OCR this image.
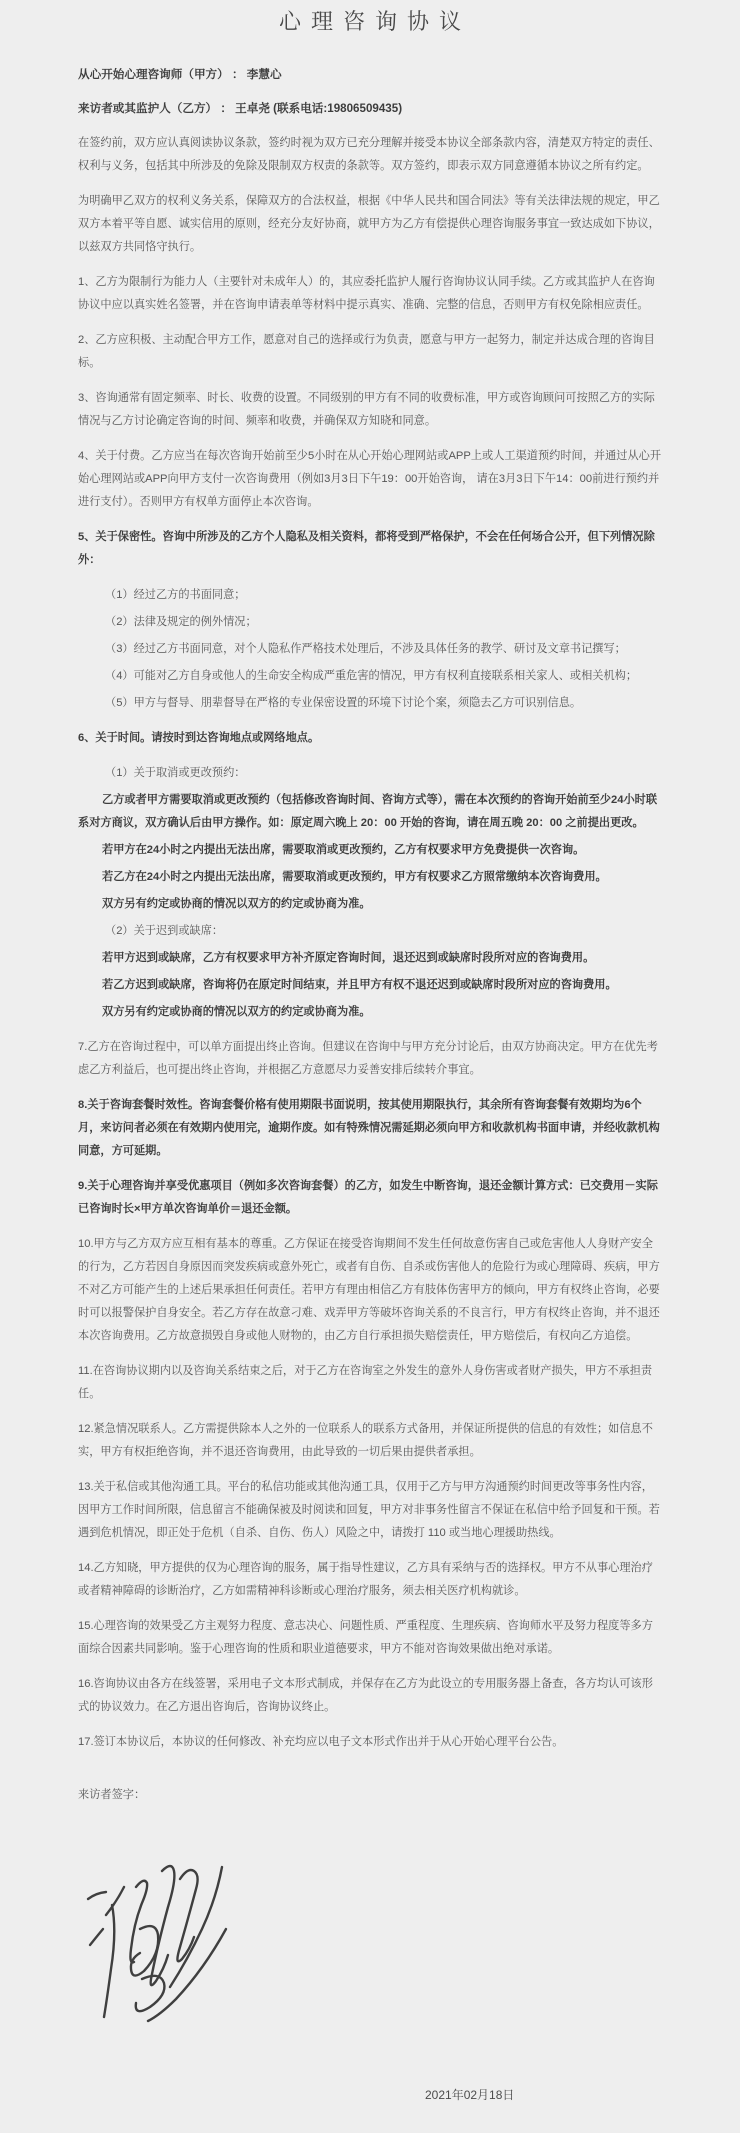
心理咨询协议

从心开始心理咨询师（甲方） ： 李慧心

来访者或其监护人（乙方） ： 王卓尧 (联系电话:19806509435)

在签约前，双方应认真阅读协议条款，签约时视为双方已充分理解并接受本协议全部条款内容，清楚双方特定的责任、权利与义务，包括其中所涉及的免除及限制双方权责的条款等。双方签约，即表示双方同意遵循本协议之所有约定。

为明确甲乙双方的权利义务关系，保障双方的合法权益，根据《中华人民共和国合同法》等有关法律法规的规定，甲乙双方本着平等自愿、诚实信用的原则，经充分友好协商，就甲方为乙方有偿提供心理咨询服务事宜一致达成如下协议，以兹双方共同恪守执行。

1、乙方为限制行为能力人（主要针对未成年人）的，其应委托监护人履行咨询协议认同手续。乙方或其监护人在咨询协议中应以真实姓名签署，并在咨询申请表单等材料中提示真实、准确、完整的信息，否则甲方有权免除相应责任。

2、乙方应积极、主动配合甲方工作，愿意对自己的选择或行为负责，愿意与甲方一起努力，制定并达成合理的咨询目标。

3、咨询通常有固定频率、时长、收费的设置。不同级别的甲方有不同的收费标准，甲方或咨询顾问可按照乙方的实际情况与乙方讨论确定咨询的时间、频率和收费，并确保双方知晓和同意。

4、关于付费。乙方应当在每次咨询开始前至少5小时在从心开始心理网站或APP上或人工渠道预约时间，并通过从心开始心理网站或APP向甲方支付一次咨询费用（例如3月3日下午19：00开始咨询， 请在3月3日下午14：00前进行预约并进行支付）。否则甲方有权单方面停止本次咨询。

5、关于保密性。咨询中所涉及的乙方个人隐私及相关资料，都将受到严格保护，不会在任何场合公开，但下列情况除外：

（1）经过乙方的书面同意；

（2）法律及规定的例外情况；

（3）经过乙方书面同意，对个人隐私作严格技术处理后，不涉及具体任务的教学、研讨及文章书记撰写；

（4）可能对乙方自身或他人的生命安全构成严重危害的情况，甲方有权利直接联系相关家人、或相关机构；

（5）甲方与督导、朋辈督导在严格的专业保密设置的环境下讨论个案，须隐去乙方可识别信息。

6、关于时间。请按时到达咨询地点或网络地点。

（1）关于取消或更改预约：

乙方或者甲方需要取消或更改预约（包括修改咨询时间、咨询方式等），需在本次预约的咨询开始前至少24小时联系对方商议，双方确认后由甲方操作。如：原定周六晚上 20：00 开始的咨询，请在周五晚 20：00 之前提出更改。

若甲方在24小时之内提出无法出席，需要取消或更改预约，乙方有权要求甲方免费提供一次咨询。

若乙方在24小时之内提出无法出席，需要取消或更改预约，甲方有权要求乙方照常缴纳本次咨询费用。

双方另有约定或协商的情况以双方的约定或协商为准。

（2）关于迟到或缺席：

若甲方迟到或缺席，乙方有权要求甲方补齐原定咨询时间，退还迟到或缺席时段所对应的咨询费用。

若乙方迟到或缺席，咨询将仍在原定时间结束，并且甲方有权不退还迟到或缺席时段所对应的咨询费用。

双方另有约定或协商的情况以双方的约定或协商为准。

7.乙方在咨询过程中，可以单方面提出终止咨询。但建议在咨询中与甲方充分讨论后，由双方协商决定。甲方在优先考虑乙方利益后，也可提出终止咨询，并根据乙方意愿尽力妥善安排后续转介事宜。

8.关于咨询套餐时效性。咨询套餐价格有使用期限书面说明，按其使用期限执行，其余所有咨询套餐有效期均为6个月，来访问者必须在有效期内使用完，逾期作废。如有特殊情况需延期必须向甲方和收款机构书面申请，并经收款机构同意，方可延期。

9.关于心理咨询并享受优惠项目（例如多次咨询套餐）的乙方，如发生中断咨询，退还金额计算方式：已交费用－实际已咨询时长×甲方单次咨询单价＝退还金额。

10.甲方与乙方双方应互相有基本的尊重。乙方保证在接受咨询期间不发生任何故意伤害自己或危害他人人身财产安全的行为，乙方若因自身原因而突发疾病或意外死亡，或者有自伤、自杀或伤害他人的危险行为或心理障碍、疾病，甲方不对乙方可能产生的上述后果承担任何责任。若甲方有理由相信乙方有肢体伤害甲方的倾向，甲方有权终止咨询，必要时可以报警保护自身安全。若乙方存在故意刁难、戏弄甲方等破坏咨询关系的不良言行，甲方有权终止咨询，并不退还本次咨询费用。乙方故意损毁自身或他人财物的，由乙方自行承担损失赔偿责任，甲方赔偿后，有权向乙方追偿。

11.在咨询协议期内以及咨询关系结束之后，对于乙方在咨询室之外发生的意外人身伤害或者财产损失，甲方不承担责任。

12.紧急情况联系人。乙方需提供除本人之外的一位联系人的联系方式备用，并保证所提供的信息的有效性；如信息不实，甲方有权拒绝咨询，并不退还咨询费用，由此导致的一切后果由提供者承担。

13.关于私信或其他沟通工具。平台的私信功能或其他沟通工具，仅用于乙方与甲方沟通预约时间更改等事务性内容，因甲方工作时间所限，信息留言不能确保被及时阅读和回复，甲方对非事务性留言不保证在私信中给予回复和干预。若遇到危机情况，即正处于危机（自杀、自伤、伤人）风险之中，请拨打 110 或当地心理援助热线。

14.乙方知晓，甲方提供的仅为心理咨询的服务，属于指导性建议，乙方具有采纳与否的选择权。甲方不从事心理治疗或者精神障碍的诊断治疗，乙方如需精神科诊断或心理治疗服务，须去相关医疗机构就诊。

15.心理咨询的效果受乙方主观努力程度、意志决心、问题性质、严重程度、生理疾病、咨询师水平及努力程度等多方面综合因素共同影响。鉴于心理咨询的性质和职业道德要求，甲方不能对咨询效果做出绝对承诺。

16.咨询协议由各方在线签署，采用电子文本形式制成，并保存在乙方为此设立的专用服务器上备查，各方均认可该形式的协议效力。在乙方退出咨询后，咨询协议终止。

17.签订本协议后，本协议的任何修改、补充均应以电子文本形式作出并于从心开始心理平台公告。

来访者签字：

2021年02月18日
